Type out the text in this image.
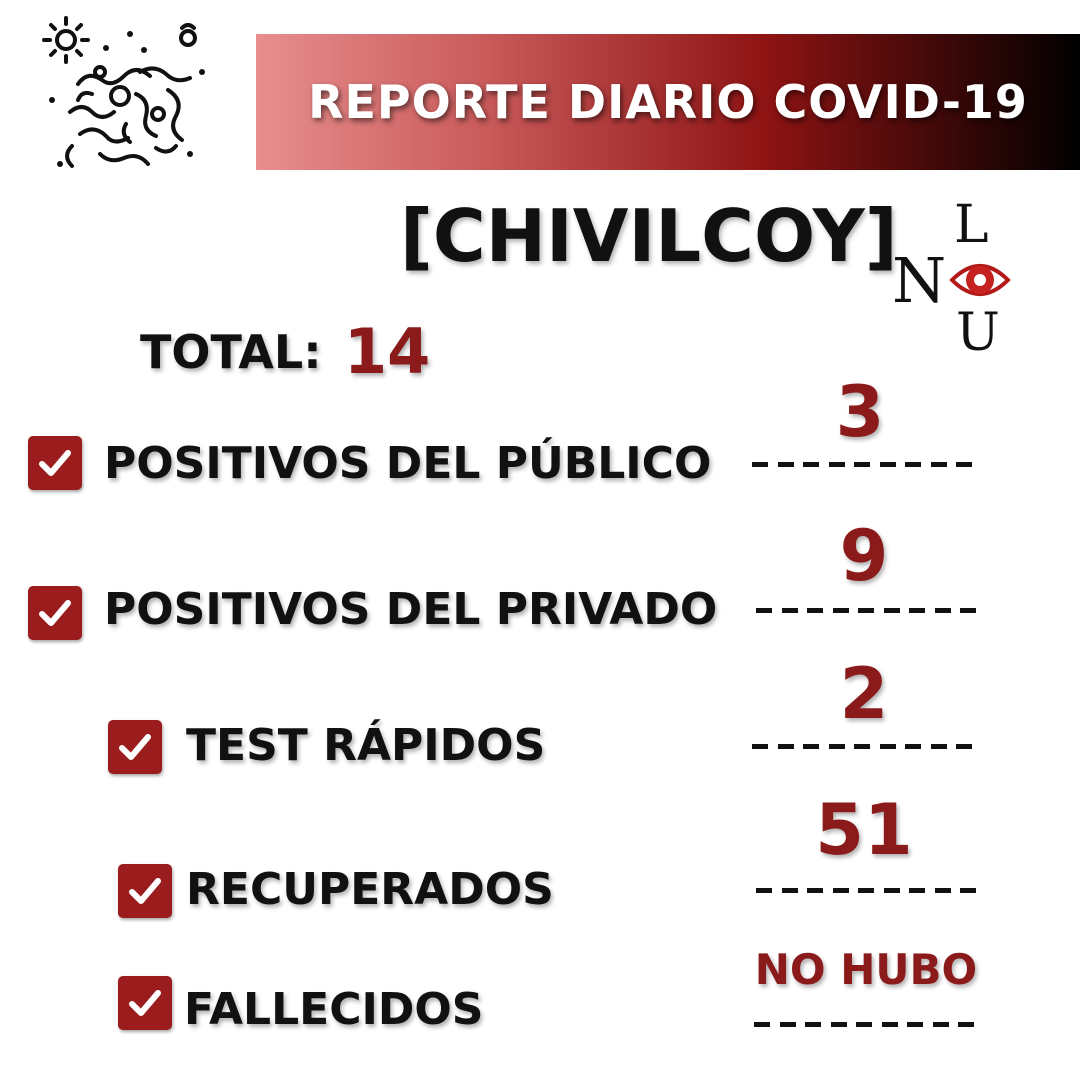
REPORTE DIARIO COVID-19
[CHIVILCOY] L
N
U
TOTAL: 14
POSITIVOS DEL PÚBLICO
3
POSITIVOS DEL PRIVADO
9
TEST RÁPIDOS
2
RECUPERADOS
51
FALLECIDOS
NO HUBO
